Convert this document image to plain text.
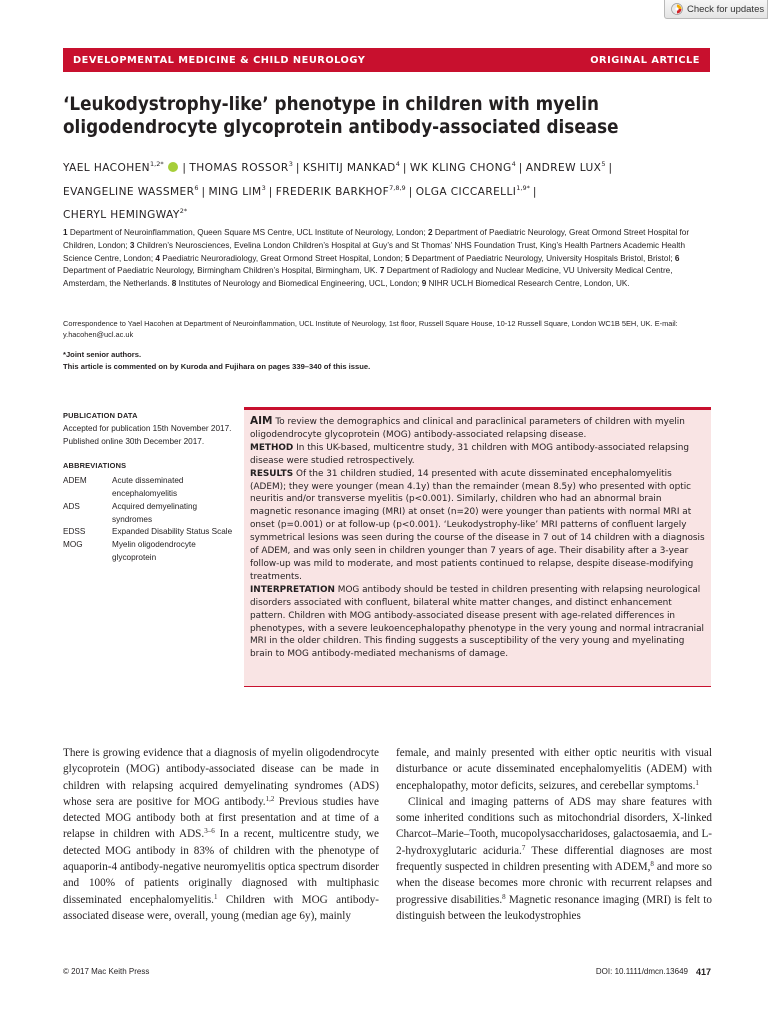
Check for updates
DEVELOPMENTAL MEDICINE & CHILD NEUROLOGY	ORIGINAL ARTICLE
‘Leukodystrophy-like’ phenotype in children with myelin oligodendrocyte glycoprotein antibody-associated disease
YAEL $HACOHEN^{1,2*}$ | THOMAS ROSSOR$^3$ | KSHITIJ MANKAD$^4$ | WK KLING CHONG$^4$ | ANDREW LUX$^5$ |
EVANGELINE WASSMER$^6$ | MING LIM$^3$ | FREDERIK BARKHOF$^{7,8,9}$ | OLGA $CICCARELLI^{1,9*}$ |
CHERYL $HEMINGWAY^{2*}$
1 Department of Neuroinflammation, Queen Square MS Centre, UCL Institute of Neurology, London; 2 Department of Paediatric Neurology, Great Ormond Street Hospital for Children, London; 3 Children’s Neurosciences, Evelina London Children’s Hospital at Guy’s and St Thomas’ NHS Foundation Trust, King’s Health Partners Academic Health Science Centre, London; 4 Paediatric Neuroradiology, Great Ormond Street Hospital, London; 5 Department of Paediatric Neurology, University Hospitals Bristol, Bristol; 6 Department of Paediatric Neurology, Birmingham Children’s Hospital, Birmingham, UK. 7 Department of Radiology and Nuclear Medicine, VU University Medical Centre, Amsterdam, the Netherlands. 8 Institutes of Neurology and Biomedical Engineering, UCL, London; 9 NIHR UCLH Biomedical Research Centre, London, UK.
Correspondence to Yael Hacohen at Department of Neuroinflammation, UCL Institute of Neurology, 1st floor, Russell Square House, 10-12 Russell Square, London WC1B 5EH, UK. E-mail: y.hacohen@ucl.ac.uk
*Joint senior authors.
This article is commented on by Kuroda and Fujihara on pages 339–340 of this issue.
PUBLICATION DATA
Accepted for publication 15th November 2017.
Published online 30th December 2017.
ABBREVIATIONS
ADEM	Acute disseminated encephalomyelitis
ADS	Acquired demyelinating syndromes
EDSS	Expanded Disability Status Scale
MOG	Myelin oligodendrocyte glycoprotein

AIM To review the demographics and clinical and paraclinical parameters of children with myelin oligodendrocyte glycoprotein (MOG) antibody-associated relapsing disease.

METHOD In this UK-based, multicentre study, 31 children with MOG antibody-associated relapsing disease were studied retrospectively.

RESULTS Of the 31 children studied, 14 presented with acute disseminated encephalomyelitis (ADEM); they were younger (mean 4.1y) than the remainder (mean 8.5y) who presented with optic neuritis and/or transverse myelitis (p<0.001). Similarly, children who had an abnormal brain magnetic resonance imaging (MRI) at onset (n=20) were younger than patients with normal MRI at onset (p=0.001) or at follow-up (p<0.001). ‘Leukodystrophy-like’ MRI patterns of confluent largely symmetrical lesions was seen during the course of the disease in 7 out of 14 children with a diagnosis of ADEM, and was only seen in children younger than 7 years of age. Their disability after a 3-year follow-up was mild to moderate, and most patients continued to relapse, despite disease-modifying treatments.

INTERPRETATION MOG antibody should be tested in children presenting with relapsing neurological disorders associated with confluent, bilateral white matter changes, and distinct enhancement pattern. Children with MOG antibody-associated disease present with age-related differences in phenotypes, with a severe leukoencephalopathy phenotype in the very young and normal intracranial MRI in the older children. This finding suggests a susceptibility of the very young and myelinating brain to MOG antibody-mediated mechanisms of damage.

There is growing evidence that a diagnosis of myelin oligodendrocyte glycoprotein (MOG) antibody-associated disease can be made in children with relapsing acquired demyelinating syndromes (ADS) whose sera are positive for MOG antibody.$^{1,2}$ Previous studies have detected MOG antibody both at first presentation and at time of a relapse in children with ADS.$^{3-6}$ In a recent, multicentre study, we detected MOG antibody in 83% of children with the phenotype of aquaporin-4 antibody-negative neuromyelitis optica spectrum disorder and 100% of patients originally diagnosed with multiphasic disseminated encephalomyelitis.$^1$ Children with MOG antibody-associated disease were, overall, young (median age 6y), mainly

female, and mainly presented with either optic neuritis with visual disturbance or acute disseminated encephalomyelitis (ADEM) with encephalopathy, motor deficits, seizures, and cerebellar symptoms.$^1$

Clinical and imaging patterns of ADS may share features with some inherited conditions such as mitochondrial disorders, X-linked Charcot–Marie–Tooth, mucopolysaccharidoses, galactosaemia, and L-2-hydroxyglutaric aciduria.$^7$ These differential diagnoses are most frequently suspected in children presenting with ADEM,$^8$ and more so when the disease becomes more chronic with recurrent relapses and progressive disabilities.$^8$ Magnetic resonance imaging (MRI) is felt to distinguish between the leukodystrophies

© 2017 Mac Keith Press	DOI: 10.1111/dmcn.13649 417
